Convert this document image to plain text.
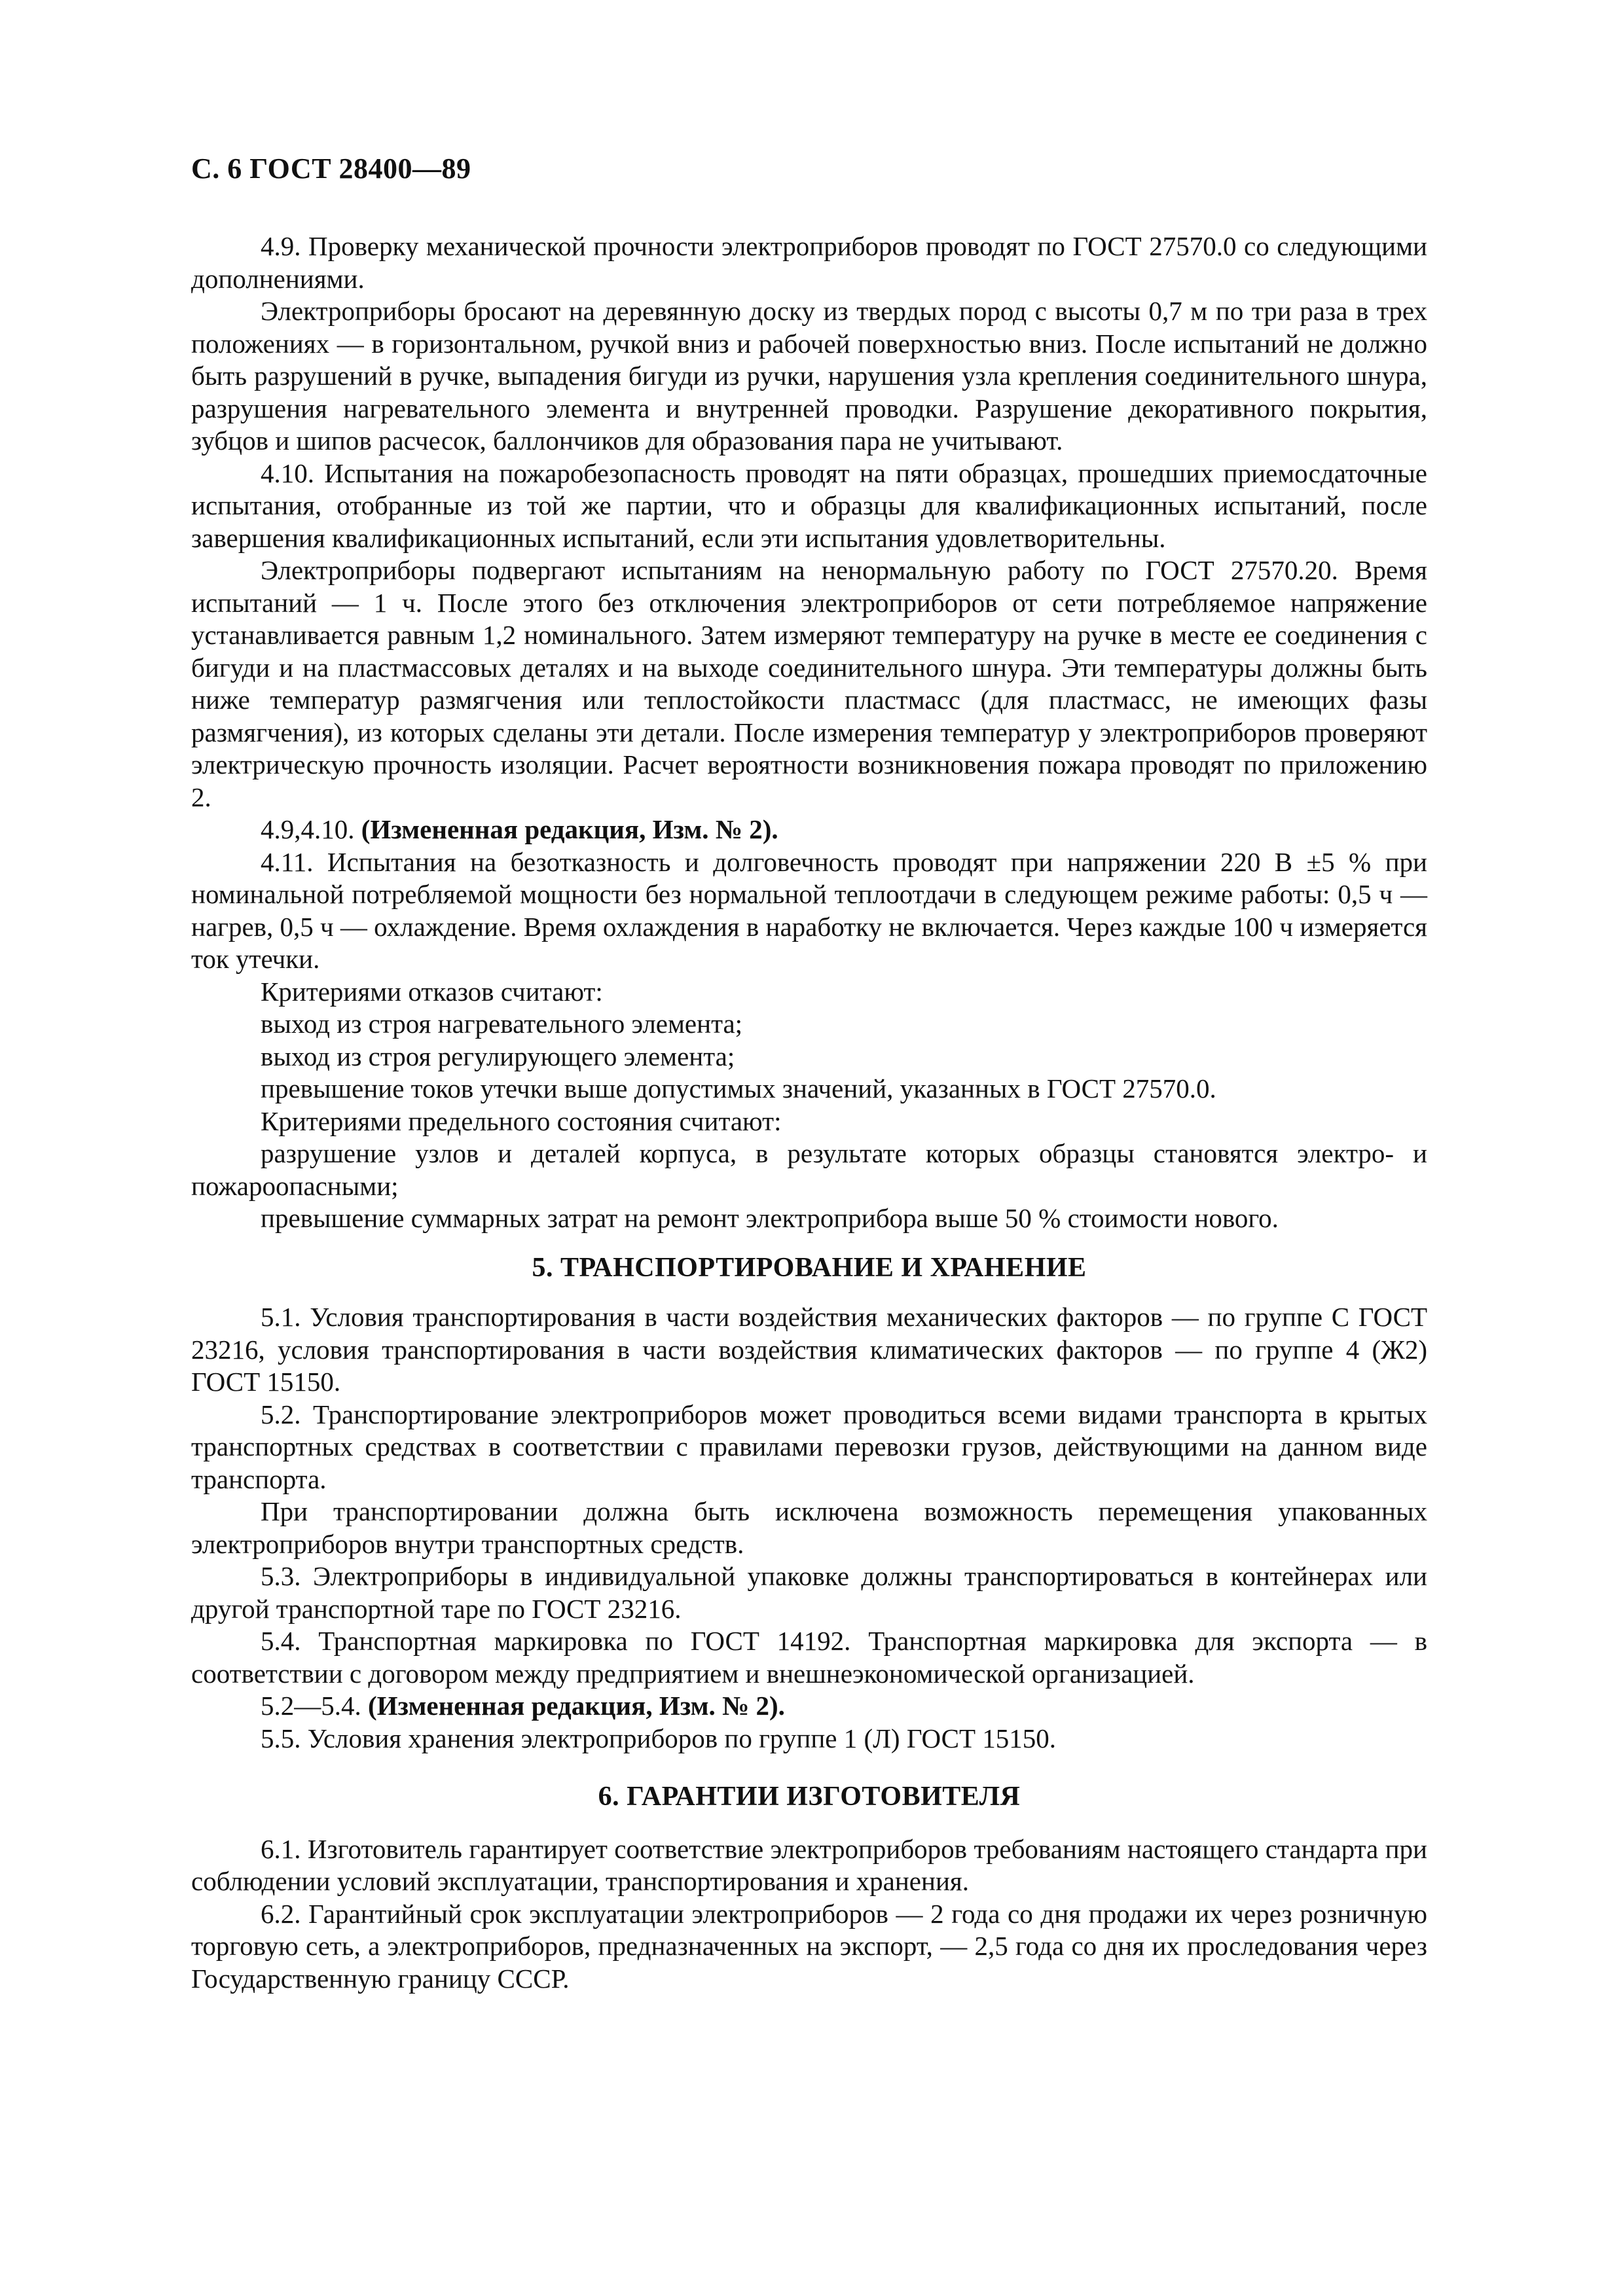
С. 6 ГОСТ 28400—89

4.9. Проверку механической прочности электроприборов проводят по ГОСТ 27570.0 со следующими дополнениями.

Электроприборы бросают на деревянную доску из твердых пород с высоты 0,7 м по три раза в трех положениях — в горизонтальном, ручкой вниз и рабочей поверхностью вниз. После испытаний не должно быть разрушений в ручке, выпадения бигуди из ручки, нарушения узла крепления соединительного шнура, разрушения нагревательного элемента и внутренней проводки. Разрушение декоративного покрытия, зубцов и шипов расчесок, баллончиков для образования пара не учитывают.

4.10. Испытания на пожаробезопасность проводят на пяти образцах, прошедших приемосдаточные испытания, отобранные из той же партии, что и образцы для квалификационных испытаний, после завершения квалификационных испытаний, если эти испытания удовлетворительны.

Электроприборы подвергают испытаниям на ненормальную работу по ГОСТ 27570.20. Время испытаний — 1 ч. После этого без отключения электроприборов от сети потребляемое напряжение устанавливается равным 1,2 номинального. Затем измеряют температуру на ручке в месте ее соединения с бигуди и на пластмассовых деталях и на выходе соединительного шнура. Эти температуры должны быть ниже температур размягчения или теплостойкости пластмасс (для пластмасс, не имеющих фазы размягчения), из которых сделаны эти детали. После измерения температур у электроприборов проверяют электрическую прочность изоляции. Расчет вероятности возникновения пожара проводят по приложению 2.

4.9,4.10. (Измененная редакция, Изм. № 2).

4.11. Испытания на безотказность и долговечность проводят при напряжении 220 В ±5 % при номинальной потребляемой мощности без нормальной теплоотдачи в следующем режиме работы: 0,5 ч — нагрев, 0,5 ч — охлаждение. Время охлаждения в наработку не включается. Через каждые 100 ч измеряется ток утечки.

Критериями отказов считают:

выход из строя нагревательного элемента;

выход из строя регулирующего элемента;

превышение токов утечки выше допустимых значений, указанных в ГОСТ 27570.0.

Критериями предельного состояния считают:

разрушение узлов и деталей корпуса, в результате которых образцы становятся электро- и пожароопасными;

превышение суммарных затрат на ремонт электроприбора выше 50 % стоимости нового.

5. ТРАНСПОРТИРОВАНИЕ И ХРАНЕНИЕ

5.1. Условия транспортирования в части воздействия механических факторов — по группе С ГОСТ 23216, условия транспортирования в части воздействия климатических факторов — по группе 4 (Ж2) ГОСТ 15150.

5.2. Транспортирование электроприборов может проводиться всеми видами транспорта в крытых транспортных средствах в соответствии с правилами перевозки грузов, действующими на данном виде транспорта.

При транспортировании должна быть исключена возможность перемещения упакованных электроприборов внутри транспортных средств.

5.3. Электроприборы в индивидуальной упаковке должны транспортироваться в контейнерах или другой транспортной таре по ГОСТ 23216.

5.4. Транспортная маркировка по ГОСТ 14192. Транспортная маркировка для экспорта — в соответствии с договором между предприятием и внешнеэкономической организацией.

5.2—5.4. (Измененная редакция, Изм. № 2).

5.5. Условия хранения электроприборов по группе 1 (Л) ГОСТ 15150.

6. ГАРАНТИИ ИЗГОТОВИТЕЛЯ

6.1. Изготовитель гарантирует соответствие электроприборов требованиям настоящего стандарта при соблюдении условий эксплуатации, транспортирования и хранения.

6.2. Гарантийный срок эксплуатации электроприборов — 2 года со дня продажи их через розничную торговую сеть, а электроприборов, предназначенных на экспорт, — 2,5 года со дня их проследования через Государственную границу СССР.
